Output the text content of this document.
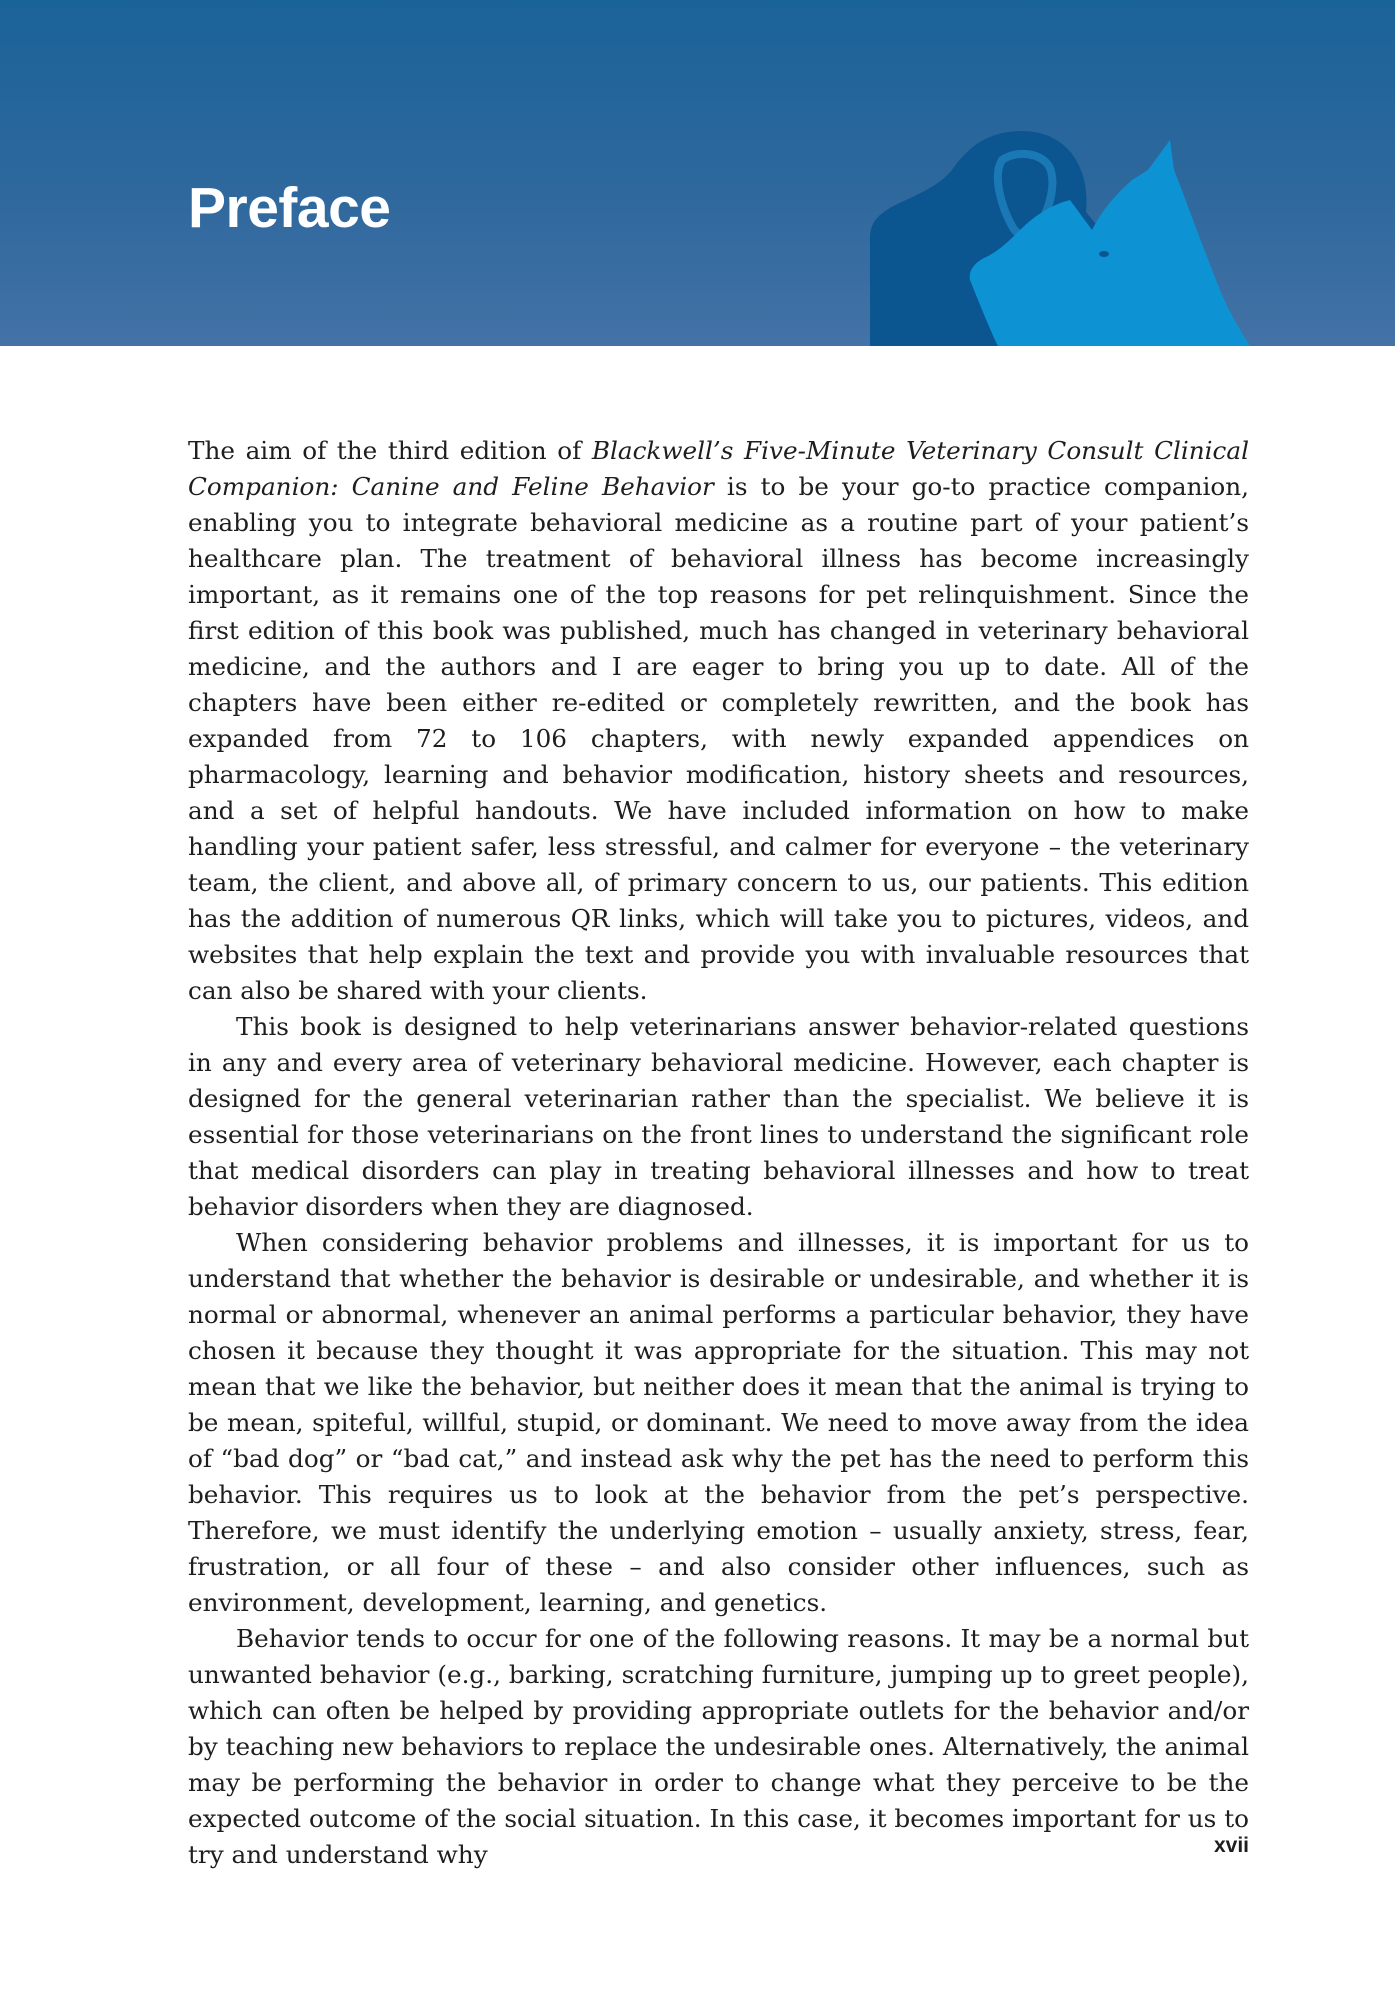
Preface

The aim of the third edition of Blackwell’s Five-Minute Veterinary Consult Clinical Companion: Canine and Feline Behavior is to be your go-to practice companion, enabling you to integrate behavioral medicine as a routine part of your patient’s healthcare plan. The treatment of behavioral illness has become increasingly important, as it remains one of the top reasons for pet relinquishment. Since the first edition of this book was published, much has changed in veterinary behavioral medicine, and the authors and I are eager to bring you up to date. All of the chapters have been either re-edited or completely rewritten, and the book has expanded from 72 to 106 chapters, with newly expanded appendices on pharmacology, learning and behavior modification, history sheets and resources, and a set of helpful handouts. We have included information on how to make handling your patient safer, less stressful, and calmer for everyone – the veterinary team, the client, and above all, of primary concern to us, our patients. This edition has the addition of numerous QR links, which will take you to pictures, videos, and websites that help explain the text and provide you with invaluable resources that can also be shared with your clients.

This book is designed to help veterinarians answer behavior-related questions in any and every area of veterinary behavioral medicine. However, each chapter is designed for the general veterinarian rather than the specialist. We believe it is essential for those veterinarians on the front lines to understand the significant role that medical disorders can play in treating behavioral illnesses and how to treat behavior disorders when they are diagnosed.

When considering behavior problems and illnesses, it is important for us to understand that whether the behavior is desirable or undesirable, and whether it is normal or abnormal, whenever an animal performs a particular behavior, they have chosen it because they thought it was appropriate for the situation. This may not mean that we like the behavior, but neither does it mean that the animal is trying to be mean, spiteful, willful, stupid, or dominant. We need to move away from the idea of “bad dog” or “bad cat,” and instead ask why the pet has the need to perform this behavior. This requires us to look at the behavior from the pet’s perspective. Therefore, we must identify the underlying emotion – usually anxiety, stress, fear, frustration, or all four of these – and also consider other influences, such as environment, development, learning, and genetics.

Behavior tends to occur for one of the following reasons. It may be a normal but unwanted behavior (e.g., barking, scratching furniture, jumping up to greet people), which can often be helped by providing appropriate outlets for the behavior and/or by teaching new behaviors to replace the undesirable ones. Alternatively, the animal may be performing the behavior in order to change what they perceive to be the expected outcome of the social situation. In this case, it becomes important for us to try and understand why	xvii
